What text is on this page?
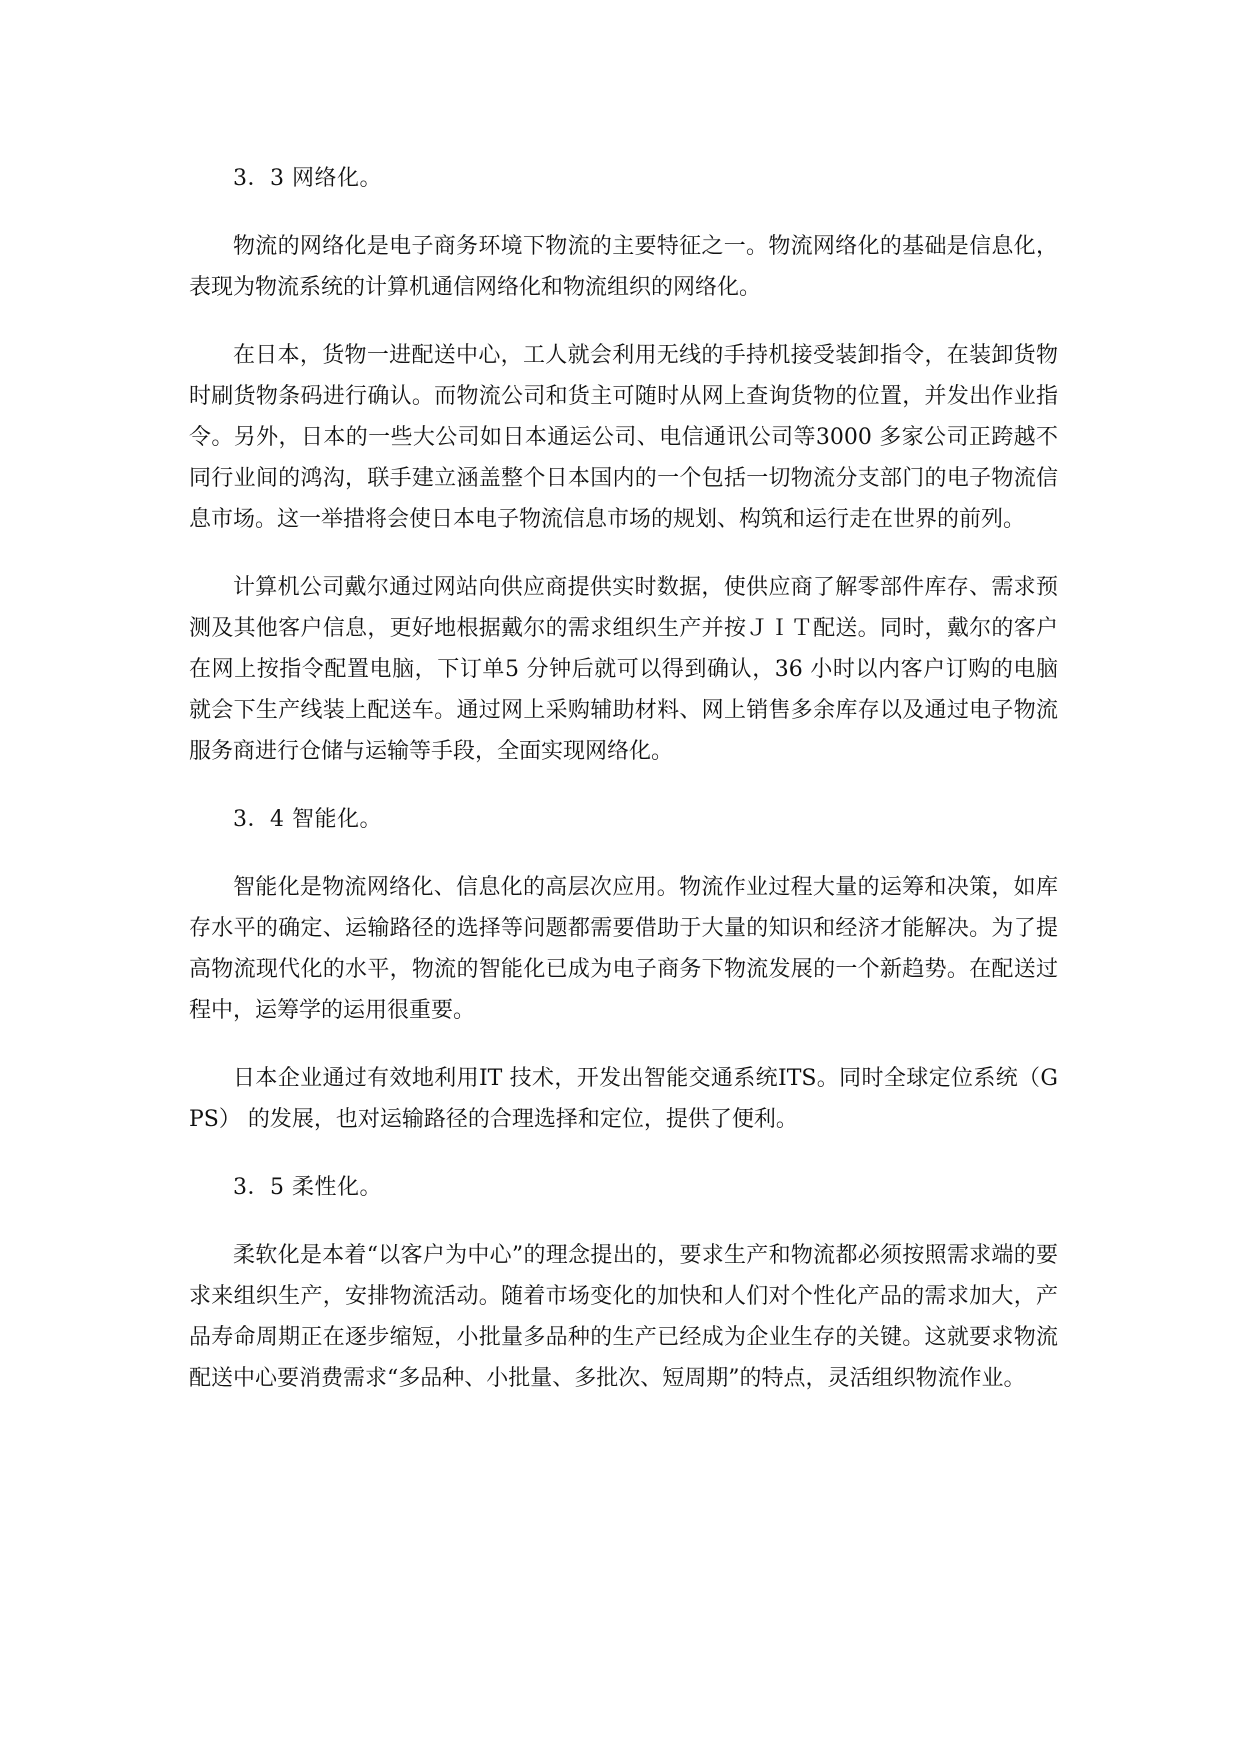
3．3 网络化。

物流的网络化是电子商务环境下物流的主要特征之一。物流网络化的基础是信息化，表现为物流系统的计算机通信网络化和物流组织的网络化。

在日本，货物一进配送中心，工人就会利用无线的手持机接受装卸指令，在装卸货物时刷货物条码进行确认。而物流公司和货主可随时从网上查询货物的位置，并发出作业指令。另外，日本的一些大公司如日本通运公司、电信通讯公司等3000 多家公司正跨越不同行业间的鸿沟，联手建立涵盖整个日本国内的一个包括一切物流分支部门的电子物流信息市场。这一举措将会使日本电子物流信息市场的规划、构筑和运行走在世界的前列。

计算机公司戴尔通过网站向供应商提供实时数据，使供应商了解零部件库存、需求预测及其他客户信息，更好地根据戴尔的需求组织生产并按ＪＩＴ配送。同时，戴尔的客户在网上按指令配置电脑，下订单5 分钟后就可以得到确认，36 小时以内客户订购的电脑就会下生产线装上配送车。通过网上采购辅助材料、网上销售多余库存以及通过电子物流服务商进行仓储与运输等手段，全面实现网络化。

3．4 智能化。

智能化是物流网络化、信息化的高层次应用。物流作业过程大量的运筹和决策，如库存水平的确定、运输路径的选择等问题都需要借助于大量的知识和经济才能解决。为了提高物流现代化的水平，物流的智能化已成为电子商务下物流发展的一个新趋势。在配送过程中，运筹学的运用很重要。

日本企业通过有效地利用IT 技术，开发出智能交通系统ITS。同时全球定位系统（GPS） 的发展，也对运输路径的合理选择和定位，提供了便利。

3．5 柔性化。

柔软化是本着“以客户为中心”的理念提出的，要求生产和物流都必须按照需求端的要求来组织生产，安排物流活动。随着市场变化的加快和人们对个性化产品的需求加大，产品寿命周期正在逐步缩短，小批量多品种的生产已经成为企业生存的关键。这就要求物流配送中心要消费需求“多品种、小批量、多批次、短周期”的特点，灵活组织物流作业。
